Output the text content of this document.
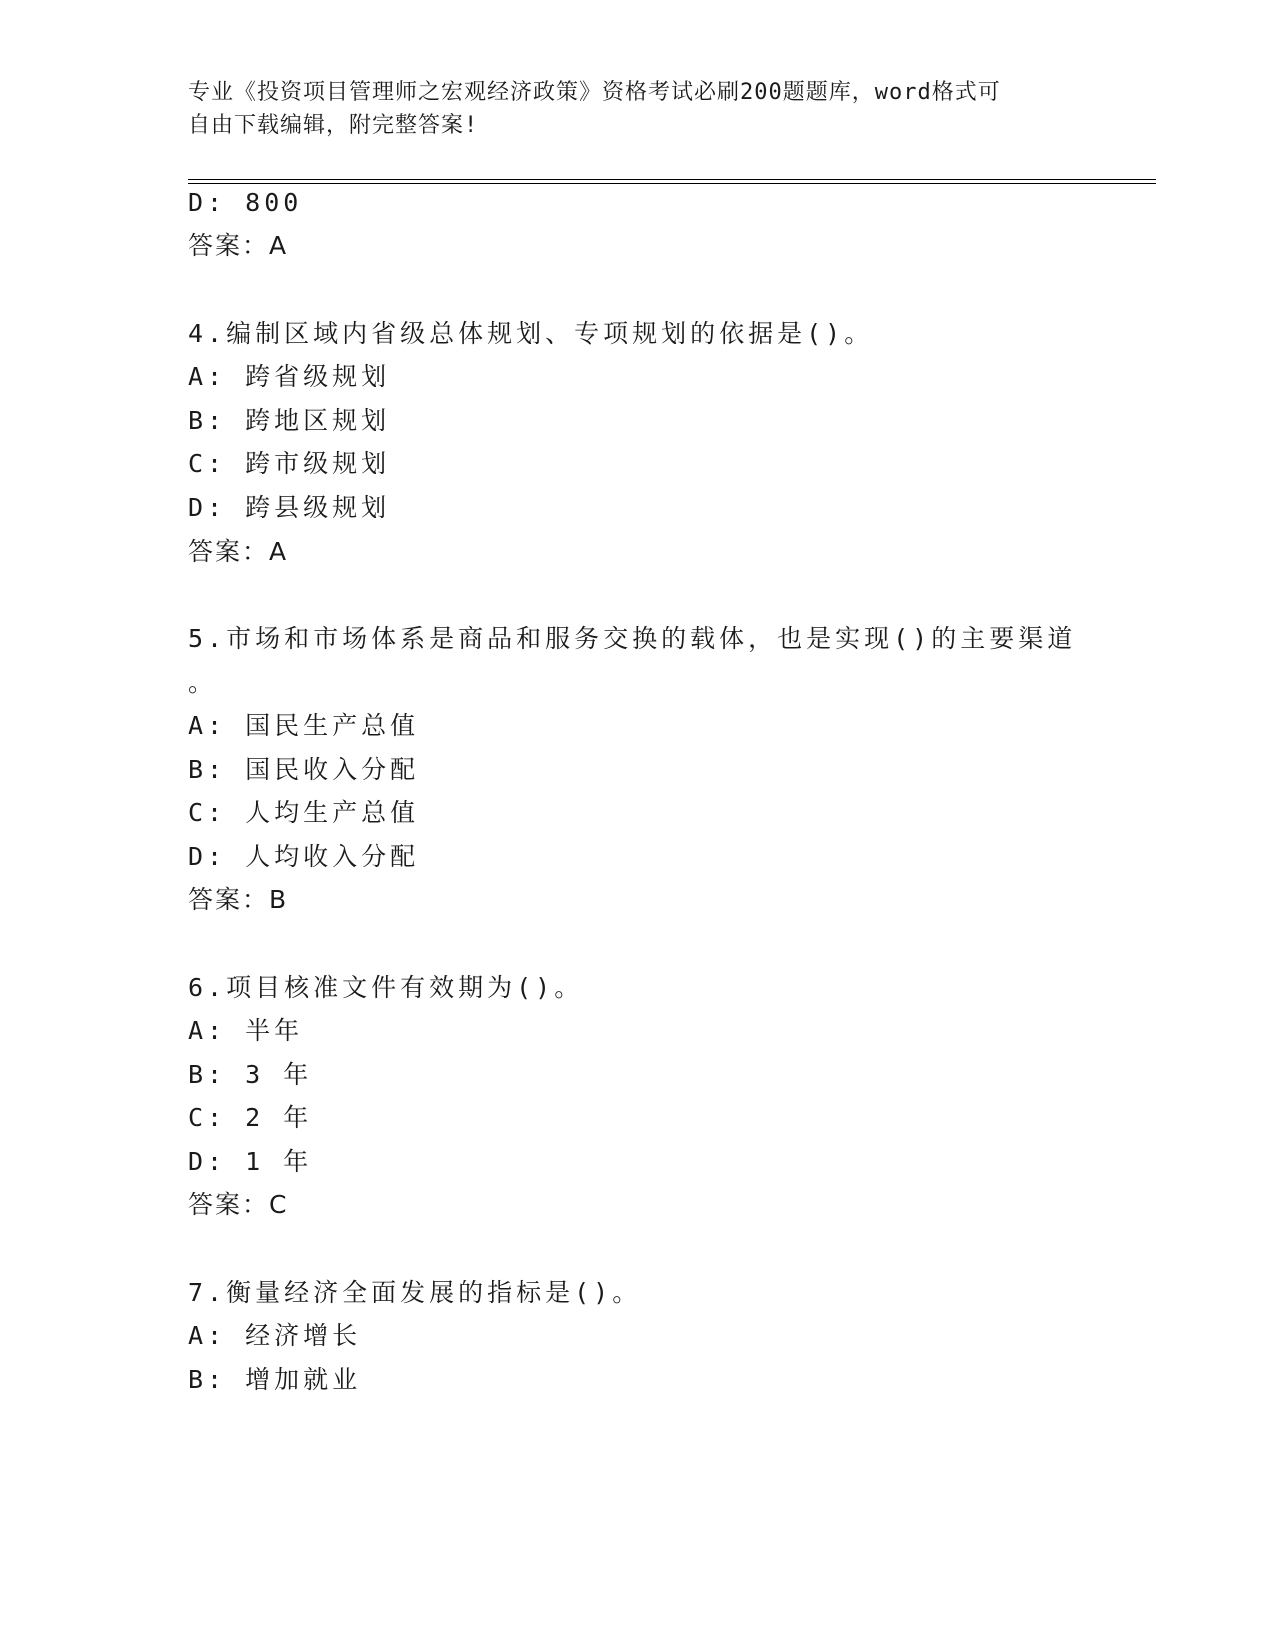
专业《投资项目管理师之宏观经济政策》资格考试必刷200题题库，word格式可
自由下载编辑，附完整答案!
D: 800
答案：A
4.编制区域内省级总体规划、专项规划的依据是()。
A: 跨省级规划
B: 跨地区规划
C: 跨市级规划
D: 跨县级规划
答案：A
5.市场和市场体系是商品和服务交换的载体，也是实现()的主要渠道
。
A: 国民生产总值
B: 国民收入分配
C: 人均生产总值
D: 人均收入分配
答案：B
6.项目核准文件有效期为()。
A: 半年
B: 3 年
C: 2 年
D: 1 年
答案：C
7.衡量经济全面发展的指标是()。
A: 经济增长
B: 增加就业
